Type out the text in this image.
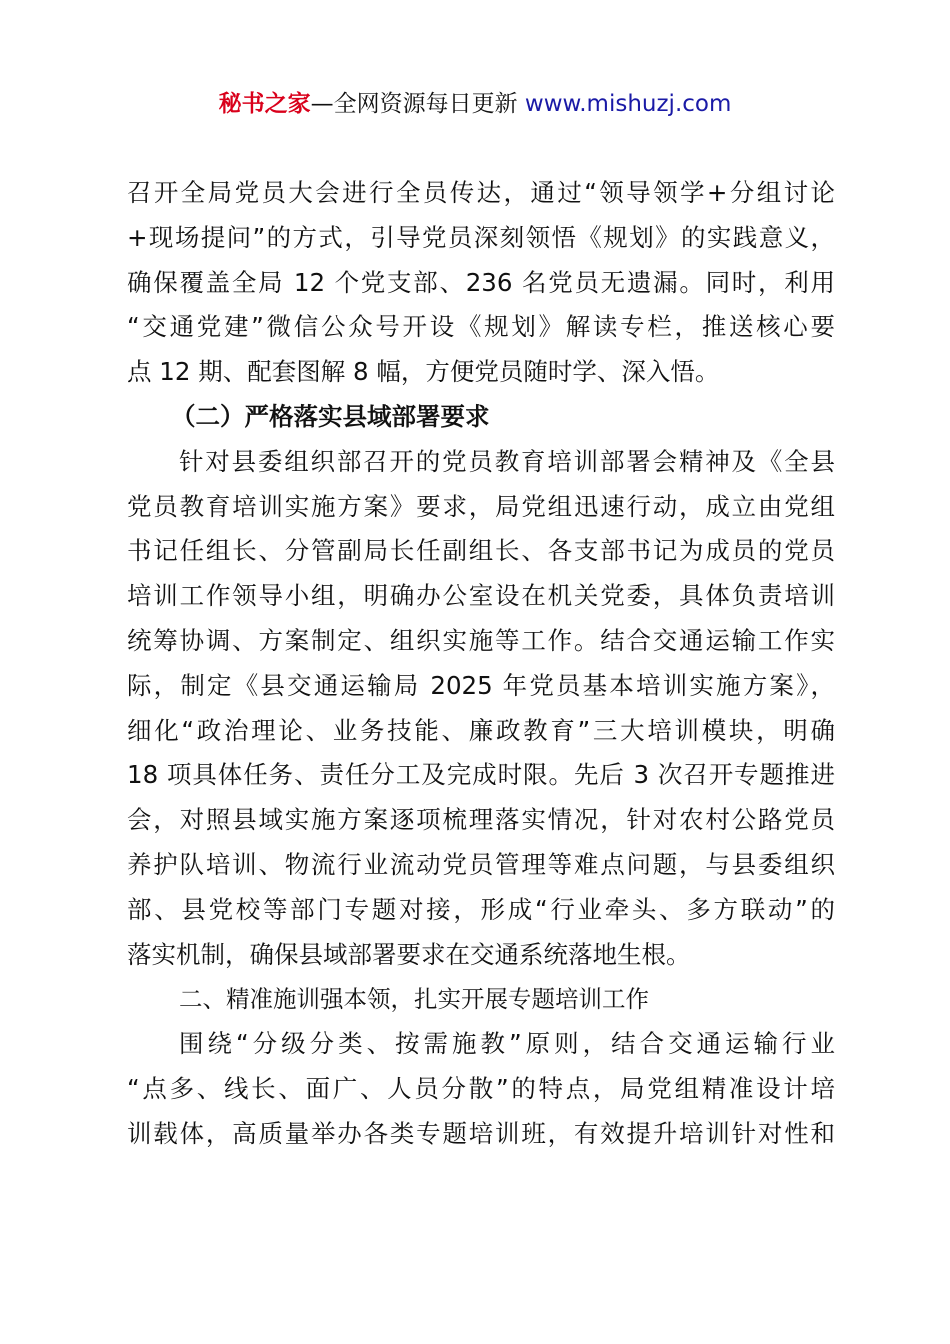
秘书之家—全网资源每日更新 www.mishuzj.com
召开全局党员大会进行全员传达，通过“领导领学+分组讨论
+现场提问”的方式，引导党员深刻领悟《规划》的实践意义，
确保覆盖全局 12 个党支部、236 名党员无遗漏。同时，利用
“交通党建”微信公众号开设《规划》解读专栏，推送核心要
点 12 期、配套图解 8 幅，方便党员随时学、深入悟。
（二）严格落实县域部署要求
针对县委组织部召开的党员教育培训部署会精神及《全县
党员教育培训实施方案》要求，局党组迅速行动，成立由党组
书记任组长、分管副局长任副组长、各支部书记为成员的党员
培训工作领导小组，明确办公室设在机关党委，具体负责培训
统筹协调、方案制定、组织实施等工作。结合交通运输工作实
际，制定《县交通运输局 2025 年党员基本培训实施方案》，
细化“政治理论、业务技能、廉政教育”三大培训模块，明确
18 项具体任务、责任分工及完成时限。先后 3 次召开专题推进
会，对照县域实施方案逐项梳理落实情况，针对农村公路党员
养护队培训、物流行业流动党员管理等难点问题，与县委组织
部、县党校等部门专题对接，形成“行业牵头、多方联动”的
落实机制，确保县域部署要求在交通系统落地生根。
二、精准施训强本领，扎实开展专题培训工作
围绕“分级分类、按需施教”原则，结合交通运输行业
“点多、线长、面广、人员分散”的特点，局党组精准设计培
训载体，高质量举办各类专题培训班，有效提升培训针对性和
